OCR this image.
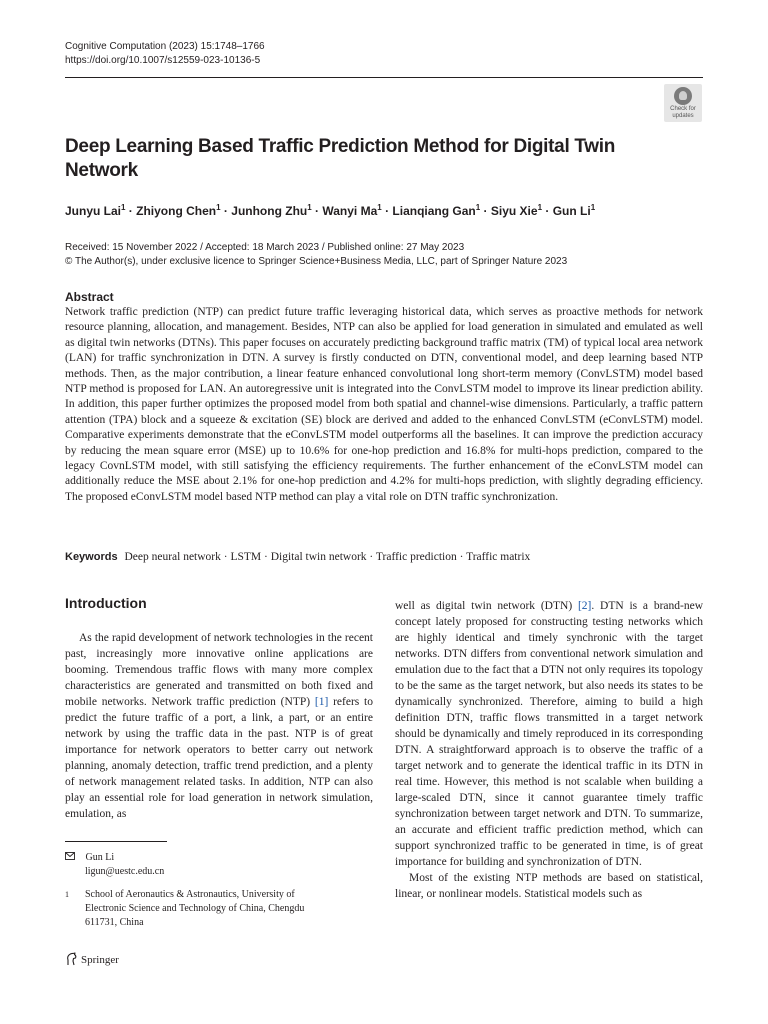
Cognitive Computation (2023) 15:1748–1766
https://doi.org/10.1007/s12559-023-10136-5
Check for
updates
Deep Learning Based Traffic Prediction Method for Digital Twin Network
Junyu Lai$^1$ · Zhiyong Chen$^1$ · Junhong Zhu$^1$ · Wanyi $Ma^1$ · Lianqiang Gan$^1$ · Siyu Xie$^1$ · Gun Li$^1$
Received: 15 November 2022 / Accepted: 18 March 2023 / Published online: 27 May 2023
© The Author(s), under exclusive licence to Springer Science+Business Media, LLC, part of Springer Nature 2023
Abstract
Network traffic prediction (NTP) can predict future traffic leveraging historical data, which serves as proactive methods for network resource planning, allocation, and management. Besides, NTP can also be applied for load generation in simulated and emulated as well as digital twin networks (DTNs). This paper focuses on accurately predicting background traffic matrix (TM) of typical local area network (LAN) for traffic synchronization in DTN. A survey is firstly conducted on DTN, conventional model, and deep learning based NTP methods. Then, as the major contribution, a linear feature enhanced convolutional long short-term memory (ConvLSTM) model based NTP method is proposed for LAN. An autoregressive unit is integrated into the ConvLSTM model to improve its linear prediction ability. In addition, this paper further optimizes the proposed model from both spatial and channel-wise dimensions. Particularly, a traffic pattern attention (TPA) block and a squeeze & excitation (SE) block are derived and added to the enhanced ConvLSTM (eConvLSTM) model. Comparative experiments demonstrate that the eConvLSTM model outperforms all the baselines. It can improve the prediction accuracy by reducing the mean square error (MSE) up to 10.6% for one-hop prediction and 16.8% for multi-hops prediction, compared to the legacy CovnLSTM model, with still satisfying the efficiency requirements. The further enhancement of the eConvLSTM model can additionally reduce the MSE about 2.1% for one-hop prediction and 4.2% for multi-hops prediction, with slightly degrading efficiency. The proposed eConvLSTM model based NTP method can play a vital role on DTN traffic synchronization.
Keywords Deep neural network · LSTM · Digital twin network · Traffic prediction · Traffic matrix
Introduction

As the rapid development of network technologies in the recent past, increasingly more innovative online applications are booming. Tremendous traffic flows with many more complex characteristics are generated and transmitted on both fixed and mobile networks. Network traffic prediction (NTP) [1] refers to predict the future traffic of a port, a link, a part, or an entire network by using the traffic data in the past. NTP is of great importance for network operators to better carry out network planning, anomaly detection, traffic trend prediction, and a plenty of network management related tasks. In addition, NTP can also play an essential role for load generation in network simulation, emulation, as

well as digital twin network (DTN) [2]. DTN is a brand-new concept lately proposed for constructing testing networks which are highly identical and timely synchronic with the target networks. DTN differs from conventional network simulation and emulation due to the fact that a DTN not only requires its topology to be the same as the target network, but also needs its states to be dynamically synchronized. Therefore, aiming to build a high definition DTN, traffic flows transmitted in a target network should be dynamically and timely reproduced in its corresponding DTN. A straightforward approach is to observe the traffic of a target network and to generate the identical traffic in its DTN in real time. However, this method is not scalable when building a large-scaled DTN, since it cannot guarantee timely traffic synchronization between target network and DTN. To summarize, an accurate and efficient traffic prediction method, which can support synchronized traffic to be generated in time, is of great importance for building and synchronization of DTN.

Most of the existing NTP methods are based on statistical, linear, or nonlinear models. Statistical models such as

Gun Li
ligun@uestc.edu.cn
1 School of Aeronautics & Astronautics, University of Electronic Science and Technology of China, Chengdu 611731, China
Springer
